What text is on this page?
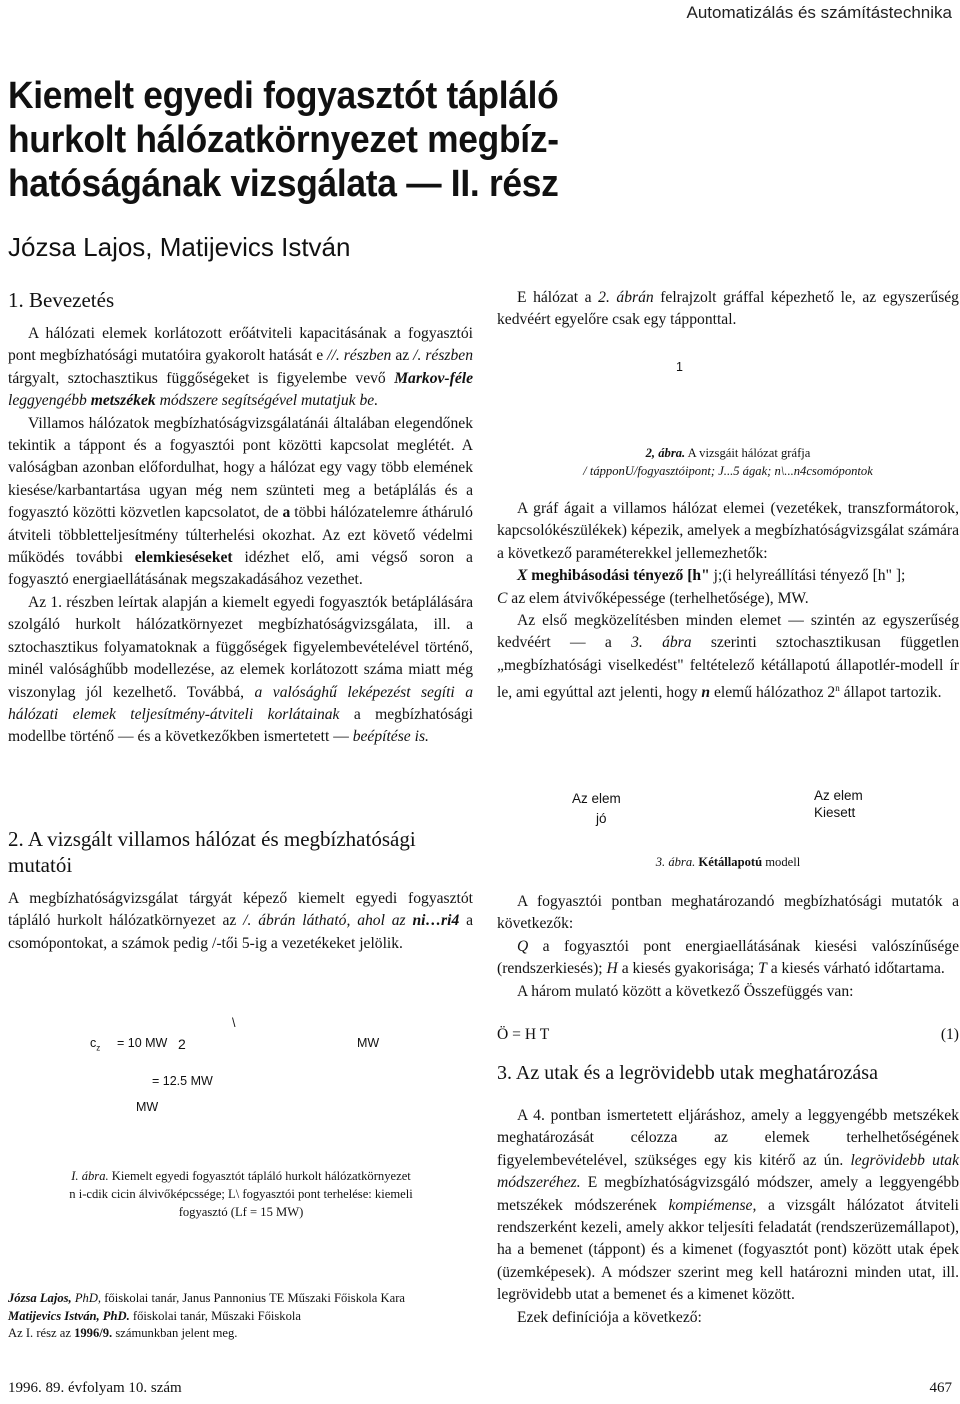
Automatizálás és számítástechnika
Kiemelt egyedi fogyasztót tápláló
hurkolt hálózatkörnyezet megbíz-
hatóságának vizsgálata — II. rész
Józsa Lajos, Matijevics István
1. Bevezetés

A hálózati elemek korlátozott erőátviteli kapacitásának a fogyasztói pont megbízhatósági mutatóira gyakorolt hatását e //. részben az /. részben tárgyalt, sztochasztikus függőségeket is figyelembe vevő Markov-féle leggyengébb metszékek módszere segítségével mutatjuk be.

Villamos hálózatok megbízhatóságvizsgálatánái általában elegendőnek tekintik a táppont és a fogyasztói pont közötti kapcsolat meglétét. A valóságban azonban előfordulhat, hogy a hálózat egy vagy több elemének kiesése/karbantartása ugyan még nem szünteti meg a betáplálás és a fogyasztó közötti közvetlen kapcsolatot, de a többi hálózatelemre átháruló átviteli többletteljesítmény túlterhelési okozhat. Az ezt követő védelmi működés további elemkieséseket idézhet elő, ami végső soron a fogyasztó energiaellátásának megszakadásához vezethet.

Az 1. részben leírtak alapján a kiemelt egyedi fogyasztók betáplálására szolgáló hurkolt hálózatkörnyezet megbízhatóságvizsgálata, ill. a sztochasztikus folyamatoknak a függőségek figyelembevételével történő, minél valósághűbb modellezése, az elemek korlátozott száma miatt még viszonylag jól kezelhető. Továbbá, a valósághű leképezést segíti a hálózati elemek teljesítmény-átviteli korlátainak a megbízhatósági modellbe történő — és a következőkben ismertetett — beépítése is.

2. A vizsgált villamos hálózat és megbízhatósági
mutatói

A megbízhatóságvizsgálat tárgyát képező kiemelt egyedi fogyasztót tápláló hurkolt hálózatkörnyezet az /. ábrán látható, ahol az ni…ri4 a csomópontokat, a számok pedig /-tői 5-ig a vezetékeket jelölik.

$c_z = 10$ MW 2
\
MW
= 12.5 MW
MW
I. ábra. Kiemelt egyedi fogyasztót tápláló hurkolt hálózatkörnyezet
n i-cdik cicin álvivőképcssége; L\ fogyasztói pont terhelése: kiemeli
fogyasztó (Lf = 15 MW)
Józsa Lajos, PhD, főiskolai tanár, Janus Pannonius TE Műszaki Főiskola Kara
Matijevics István, PhD. főiskolai tanár, Műszaki Főiskola
Az I. rész az 1996/9. számunkban jelent meg.

E hálózat a 2. ábrán felrajzolt gráffal képezhető le, az egyszerűség kedvéért egyelőre csak egy tápponttal.

1
2, ábra. A vizsgáit hálózat gráfja
/ tápponU/fogyasztóipont; J...5 ágak; n\...n4csomópontok

A gráf ágait a villamos hálózat elemei (vezetékek, transzformátorok, kapcsolókészülékek) képezik, amelyek a megbízhatóságvizsgálat számára a következő paraméterekkel jellemezhetők:

X meghibásodási tényező [h" j;(i helyreállítási tényező [h" ];
C az elem átvivőképessége (terhelhetősége), MW.

Az első megközelítésben minden elemet — szintén az egyszerűség kedvéért — a 3. ábra szerinti sztochasztikusan független „megbízhatósági viselkedést" feltételező kétállapotú állapotlér-modell ír le, ami egyúttal azt jelenti, hogy n elemű hálózathoz 2$^n$ állapot tartozik.

Az elem
jó
Az elem
Kiesett
3. ábra. Kétállapotú modell

A fogyasztói pontban meghatározandó megbízhatósági mutatók a következők:

Q a fogyasztói pont energiaellátásának kiesési valószínűsége (rendszerkiesés); H a kiesés gyakorisága; T a kiesés várható időtartama.

A három mulató között a következő Összefüggés van:

Ö = H T	(1)
3. Az utak és a legrövidebb utak meghatározása

A 4. pontban ismertetett eljáráshoz, amely a leggyengébb metszékek meghatározását célozza az elemek terhelhetőségének figyelembevételével, szükséges egy kis kitérő az ún. legrövidebb utak módszeréhez. E megbízhatóságvizsgáló módszer, amely a leggyengébb metszékek módszerének kompiémense, a vizsgált hálózatot átviteli rendszerként kezeli, amely akkor teljesíti feladatát (rendszerüzemállapot), ha a bemenet (táppont) és a kimenet (fogyasztót pont) között utak épek (üzemképesek). A módszer szerint meg kell határozni minden utat, ill. legrövidebb utat a bemenet és a kimenet között.

Ezek definíciója a következő:

1996. 89. évfolyam 10. szám	467
